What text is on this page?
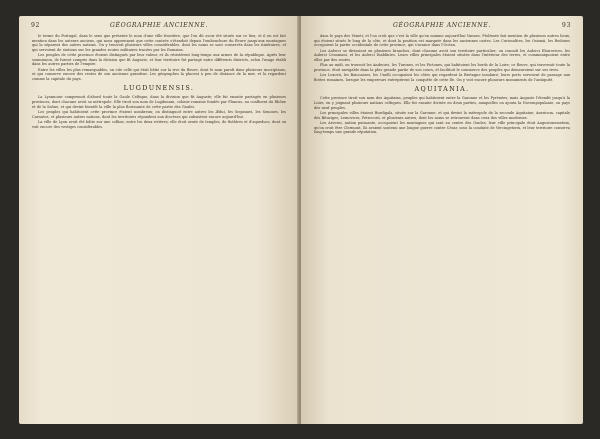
92	GÉOGRAPHIE ANCIENNE.

le terme du Portugal, dans le sens que présente le nom d'une ville frontière, que l'on dit avoir été située sur ce lieu; et il en est fait mention dans les auteurs anciens, qui nous apprennent que cette contrée s'étendoit depuis l'embouchure du fleuve jusqu'aux montagnes qui la séparent des autres nations. On y trouvoit plusieurs villes considérables, dont les noms se sont conservés dans les itinéraires, et qui servoient de stations sur les grandes routes militaires tracées par les Romains.

Les peuples de cette province étoient distingués par leur valeur, et ils résistèrent long-temps aux armes de la république. Après leur soumission, ils furent compris dans la division que fit Auguste, et leur territoire fut partagé entre différents districts, selon l'usage établi dans les autres parties de l'empire.

Entre les villes les plus remarquables, on cite celle qui étoit bâtie sur la rive du fleuve, dont le nom paroît dans plusieurs inscriptions, et qui conserve encore des restes de son ancienne grandeur. Les géographes la placent à peu de distance de la mer, et la regardent comme la capitale du pays.

LUGDUNENSIS.

La Lyonnoise comprenoit d'abord toute la Gaule Celtique, dans la division que fit Auguste; elle fut ensuite partagée en plusieurs provinces, dont chacune avoit sa métropole. Elle tiroit son nom de Lugdunum, colonie romaine fondée par Plancus, au confluent du Rhône et de la Saône, et qui devint bientôt la ville la plus florissante de cette partie des Gaules.

Les peuples qui habitoient cette province étoient nombreux; on distinguoit entre autres les Ædui, les Segusiavi, les Senones, les Carnutes, et plusieurs autres nations, dont les territoires répondent aux diocèses qui subsistent encore aujourd'hui.

La ville de Lyon avoit été bâtie sur une colline, entre les deux rivières; elle étoit ornée de temples, de théâtres et d'aqueducs, dont on voit encore des vestiges considérables.

GÉOGRAPHIE ANCIENNE.	93

dans le pays des Veneti; et l'on croit que c'est la ville qu'on nomme aujourd'hui Vannes. Ptolémée fait mention de plusieurs autres lieux, qui étoient situés le long de la côte, et dont la position est marquée dans les anciennes cartes. Les Curiosolites, les Osismii, les Redones occupoient la partie occidentale de cette province, qui s'avance dans l'Océan.

Les Aulerci se divisoient en plusieurs branches, dont chacune avoit son territoire particulier; on connoît les Aulerci Eburovices, les Aulerci Cenomani, et les Aulerci Diablintes. Leurs villes principales étoient situées dans l'intérieur des terres, et communiquoient entre elles par des routes.

Plus au midi, on trouvoit les Andecavi, les Turones, et les Pictones, qui habitoient les bords de la Loire; ce fleuve, qui traversoit toute la province, étoit navigable dans la plus grande partie de son cours, et facilitoit le commerce des peuples qui demeuroient sur ses rives.

Les Lexovii, les Baiocasses, les Unelli occupoient les côtes qui regardent la Bretagne insulaire; leurs ports servoient de passage aux flottes romaines, lorsque les empereurs entreprirent la conquête de cette île. On y voit encore plusieurs monuments de l'antiquité.

AQUITANIA.

Cette province tiroit son nom des Aquitains, peuples qui habitoient entre la Garonne et les Pyrénées; mais Auguste l'étendit jusqu'à la Loire, en y joignant plusieurs nations celtiques. Elle fut ensuite divisée en deux parties, auxquelles on ajouta la Novempopulanie, ou pays des neuf peuples.

Les principales villes étoient Burdigala, située sur la Garonne, et qui devint la métropole de la seconde Aquitaine; Avaricum, capitale des Bituriges; Lemovices, Petrocorii, et plusieurs autres, dont les noms se retrouvent dans ceux des villes modernes.

Les Arverni, nation puissante, occupoient les montagnes qui sont au centre des Gaules; leur ville principale étoit Augustonemetum, qu'on croit être Clermont. Ils avoient soutenu une longue guerre contre César, sous la conduite de Vercingetorix, et leur territoire conserva long-temps une grande réputation.
